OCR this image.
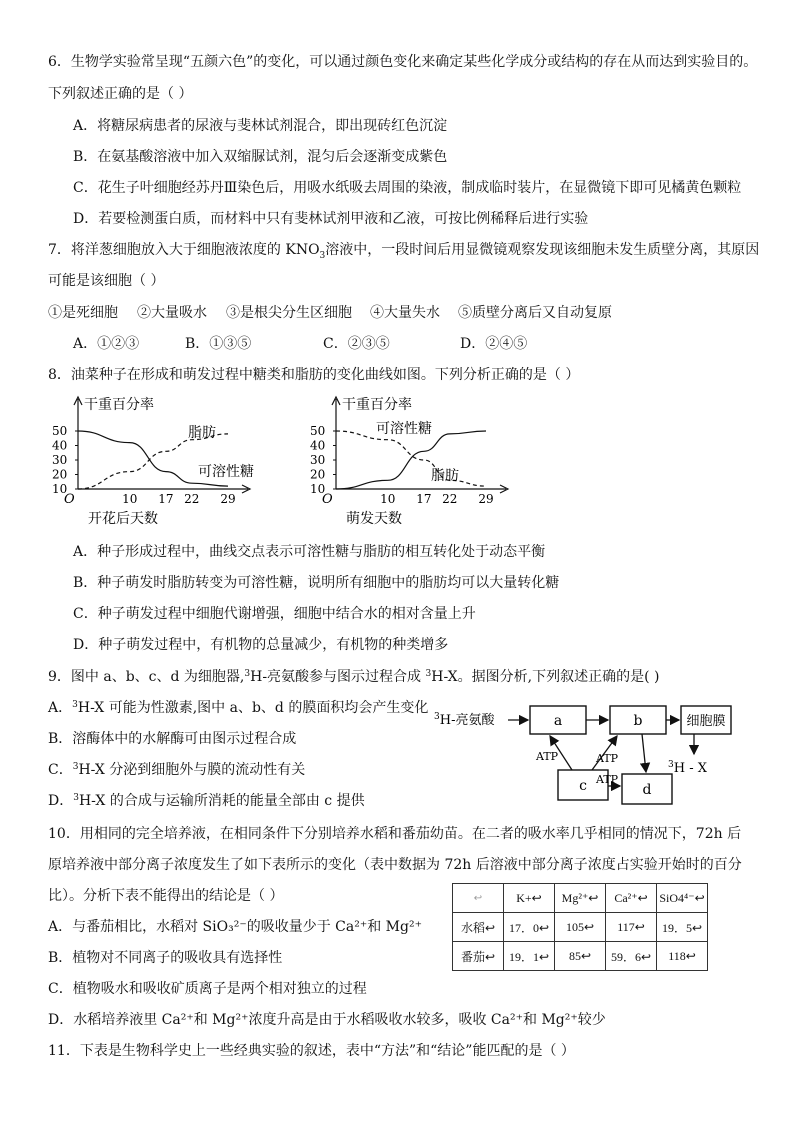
6．生物学实验常呈现“五颜六色”的变化，可以通过颜色变化来确定某些化学成分或结构的存在从而达到实验目的。
下列叙述正确的是（ ）
A．将糖尿病患者的尿液与斐林试剂混合，即出现砖红色沉淀
B．在氨基酸溶液中加入双缩脲试剂，混匀后会逐渐变成紫色
C．花生子叶细胞经苏丹Ⅲ染色后，用吸水纸吸去周围的染液，制成临时装片，在显微镜下即可见橘黄色颗粒
D．若要检测蛋白质，而材料中只有斐林试剂甲液和乙液，可按比例稀释后进行实验
7．将洋葱细胞放入大于细胞液浓度的 $KNO_3$溶液中，一段时间后用显微镜观察发现该细胞未发生质壁分离，其原因
可能是该细胞（ ）
①是死细胞 ②大量吸水 ③是根尖分生区细胞 ④大量失水 ⑤质壁分离后又自动复原
A．①②③	B．①③⑤	C．②③⑤	D．②④⑤
8．油菜种子在形成和萌发过程中糖类和脂肪的变化曲线如图。下列分析正确的是（ ）
干重百分率
10
20
30
40
50
O	10 17 22 29
开花后天数
脂肪
可溶性糖
干重百分率
10
20
30
40
50
O	10 17 22 29
萌发天数
可溶性糖
脂肪
A．种子形成过程中，曲线交点表示可溶性糖与脂肪的相互转化处于动态平衡
B．种子萌发时脂肪转变为可溶性糖，说明所有细胞中的脂肪均可以大量转化糖
C．种子萌发过程中细胞代谢增强，细胞中结合水的相对含量上升
D．种子萌发过程中，有机物的总量减少，有机物的种类增多
9．图中 a、b、c、d 为细胞器,$^3$H-亮氨酸参与图示过程合成 $^3$H-X。据图分析,下列叙述正确的是( )
A．$^3$H-X 可能为性激素,图中 a、b、d 的膜面积均会产生变化
B．溶酶体中的水解酶可由图示过程合成
C．$^3$H-X 分泌到细胞外与膜的流动性有关
D．$^3$H-X 的合成与运输所消耗的能量全部由 c 提供
$^3$H-亮氨酸	a	b	细胞膜
$^3$H - X
c	d
ATP	ATP
ATP
10．用相同的完全培养液，在相同条件下分别培养水稻和番茄幼苗。在二者的吸水率几乎相同的情况下，72h 后
原培养液中部分离子浓度发生了如下表所示的变化（表中数据为 72h 后溶液中部分离子浓度占实验开始时的百分
比）。分析下表不能得出的结论是（ ）	↩	K+↩	Mg²⁺↩	Ca²⁺↩	SiO4⁴⁻↩
水稻↩	17．0↩	105↩	117↩	19．5↩
番茄↩	19．1↩	85↩	59．6↩	118↩
A．与番茄相比，水稻对 SiO₃²⁻的吸收量少于 Ca²⁺和 Mg²⁺
B．植物对不同离子的吸收具有选择性
C．植物吸水和吸收矿质离子是两个相对独立的过程
D．水稻培养液里 Ca²⁺和 Mg²⁺浓度升高是由于水稻吸收水较多，吸收 Ca²⁺和 Mg²⁺较少
11．下表是生物科学史上一些经典实验的叙述，表中“方法”和“结论”能匹配的是（ ）
